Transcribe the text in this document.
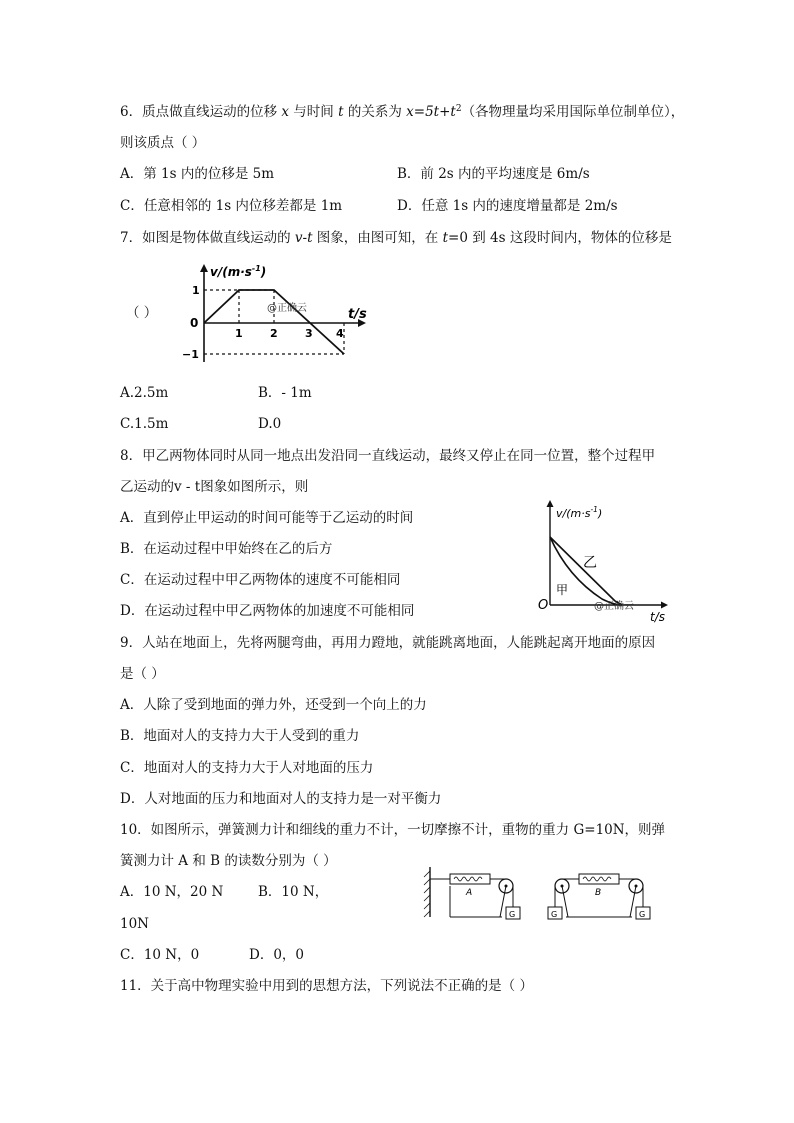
6．质点做直线运动的位移 x 与时间 t 的关系为 $x=5t+t^2$（各物理量均采用国际单位制单位），
则该质点（ ）
A．第 1s 内的位移是 5m	B．前 2s 内的平均速度是 6m/s
C．任意相邻的 1s 内位移差都是 1m	D．任意 1s 内的速度增量都是 2m/s
7．如图是物体做直线运动的 v-t 图象，由图可知，在 t=0 到 4s 这段时间内，物体的位移是
（ ）
$v/(m\cdot s^{-1})$
t/s
1
0
−1
1 2 3 4
@正确云
A.2.5m	B．- 1m
C.1.5m	D.0
8．甲乙两物体同时从同一地点出发沿同一直线运动，最终又停止在同一位置，整个过程甲
乙运动的v - t图象如图所示，则
A．直到停止甲运动的时间可能等于乙运动的时间
B．在运动过程中甲始终在乙的后方
C．在运动过程中甲乙两物体的速度不可能相同
D．在运动过程中甲乙两物体的加速度不可能相同
$v/(m\cdot s^{-1})$
O
t/s
乙
甲
@正确云
9．人站在地面上，先将两腿弯曲，再用力蹬地，就能跳离地面，人能跳起离开地面的原因
是（ ）
A．人除了受到地面的弹力外，还受到一个向上的力
B．地面对人的支持力大于人受到的重力
C．地面对人的支持力大于人对地面的压力
D．人对地面的压力和地面对人的支持力是一对平衡力
10．如图所示，弹簧测力计和细线的重力不计，一切摩擦不计，重物的重力 G=10N，则弹
簧测力计 A 和 B 的读数分别为（ ）
A．10 N，20 N	B．10 N，
10N
C．10 N，0	D．0，0
G
A
G	G
B
11．关于高中物理实验中用到的思想方法，下列说法不正确的是（ ）
